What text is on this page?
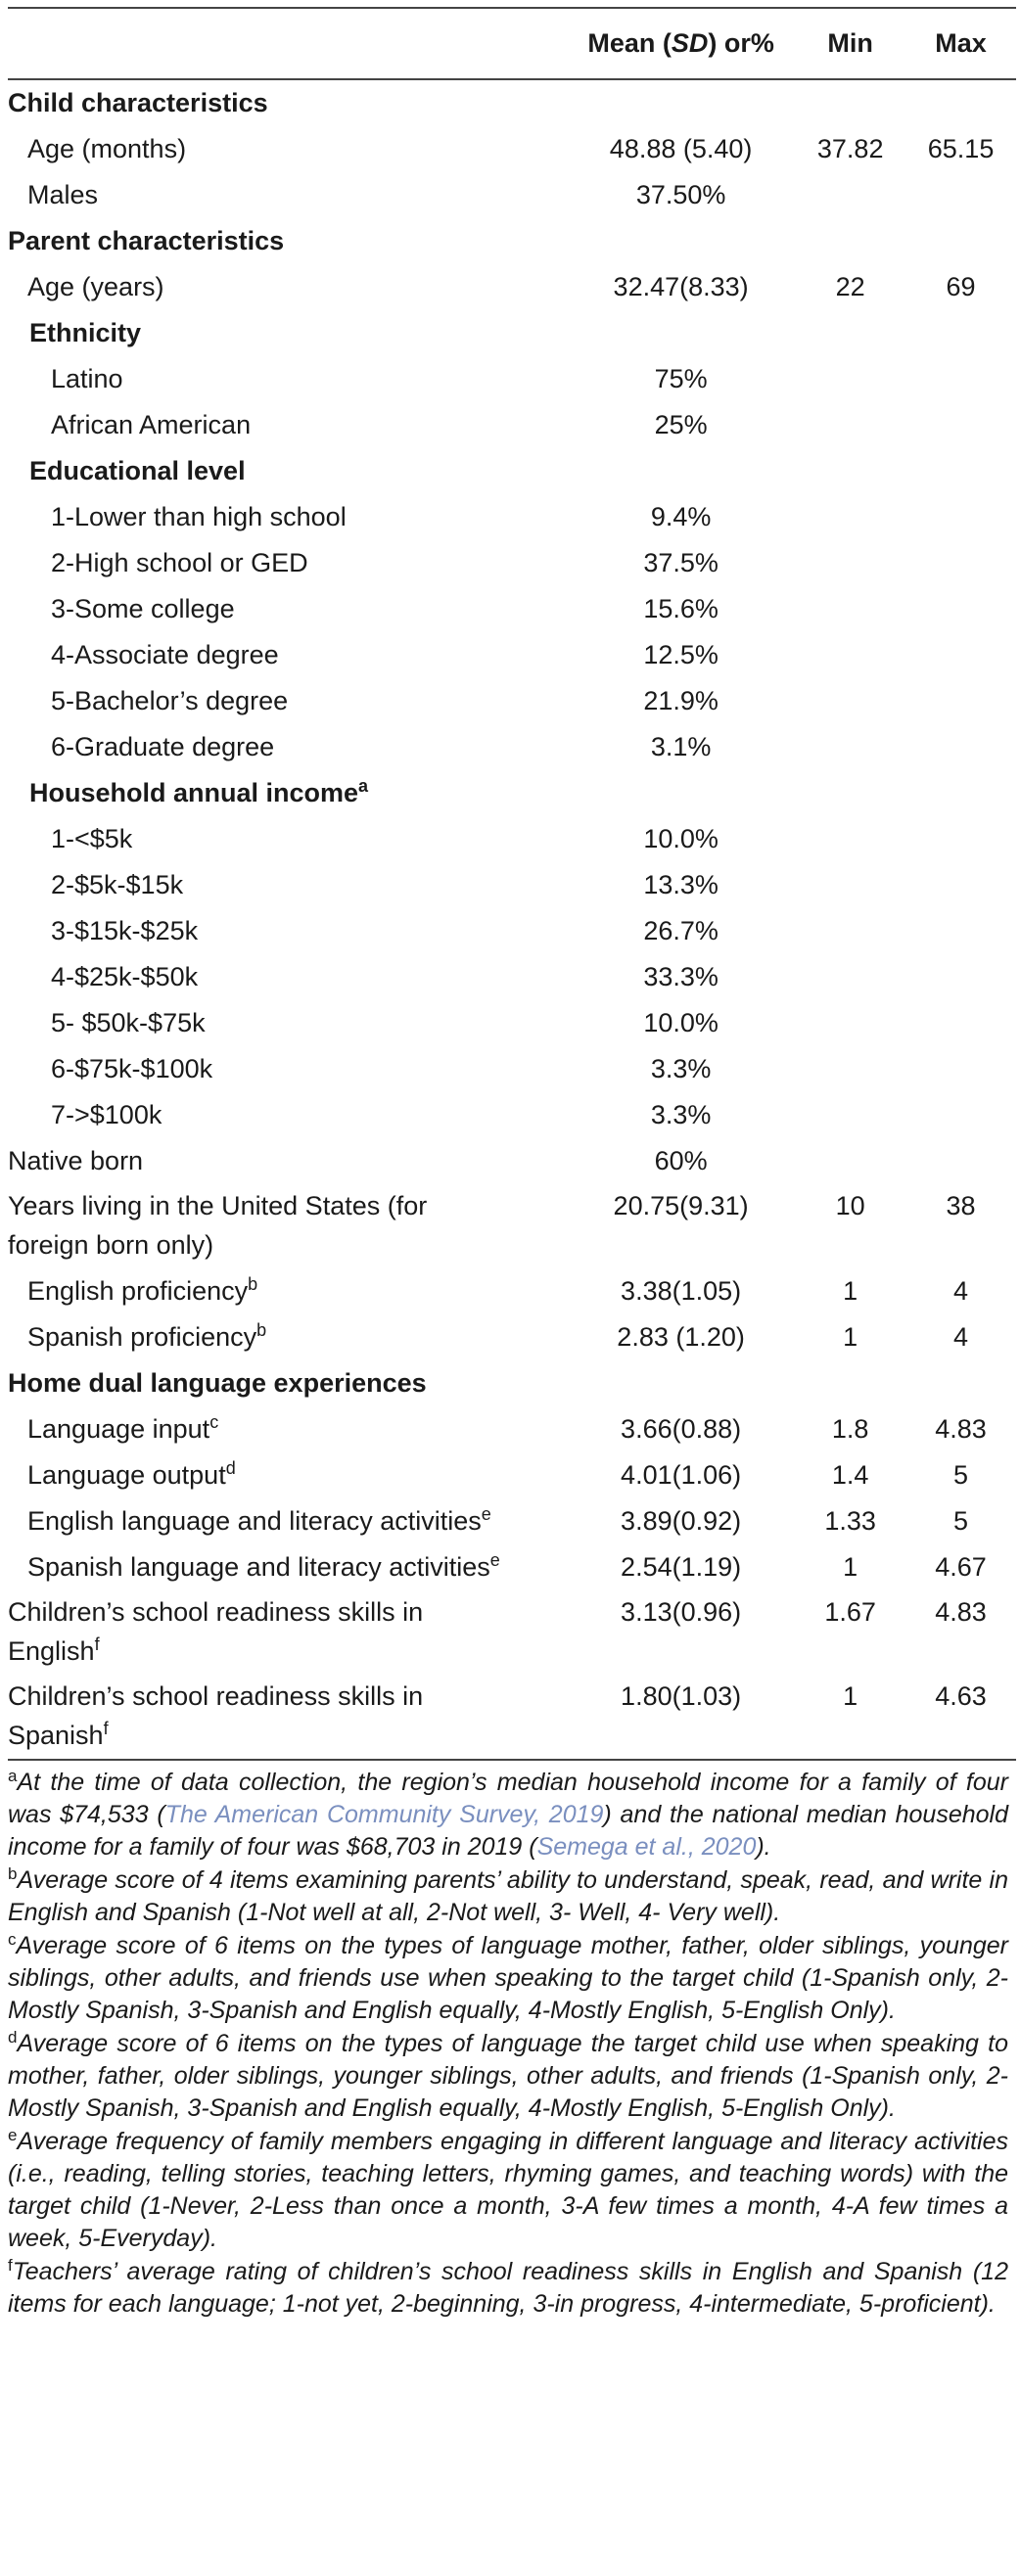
	Mean (SD) or%	Min	Max
Child characteristics			
Age (months)	48.88 (5.40)	37.82	65.15
Males	37.50%		
Parent characteristics			
Age (years)	32.47(8.33)	22	69
Ethnicity			
Latino	75%		
African American	25%		
Educational level			
1-Lower than high school	9.4%		
2-High school or GED	37.5%		
3-Some college	15.6%		
4-Associate degree	12.5%		
5-Bachelor’s degree	21.9%		
6-Graduate degree	3.1%		
Household annual income$^a$			
1-<$5k	10.0%		
2-$5k-$15k	13.3%		
3-$15k-$25k	26.7%		
4-$25k-$50k	33.3%		
5- $50k-$75k	10.0%		
6-$75k-$100k	3.3%		
7->$100k	3.3%		
Native born	60%		
Years living in the United States (for
foreign born only)	20.75(9.31)	10	38
English proficiency$^b$	3.38(1.05)	1	4
Spanish proficiency$^b$	2.83 (1.20)	1	4
Home dual language experiences			
Language input$^c$	3.66(0.88)	1.8	4.83
Language output$^d$	4.01(1.06)	1.4	5
English language and literacy activities$^e$	3.89(0.92)	1.33	5
Spanish language and literacy activities$^e$	2.54(1.19)	1	4.67
Children’s school readiness skills in
English$^f$	3.13(0.96)	1.67	4.83
Children’s school readiness skills in
Spanish$^f$	1.80(1.03)	1	4.63

$^a$At the time of data collection, the region’s median household income for a family of four was $74,533 (The American Community Survey, 2019) and the national median household income for a family of four was $68,703 in 2019 (Semega et al., 2020).

$^b$Average score of 4 items examining parents’ ability to understand, speak, read, and write in English and Spanish (1-Not well at all, 2-Not well, 3- Well, 4- Very well).

$^c$Average score of 6 items on the types of language mother, father, older siblings, younger siblings, other adults, and friends use when speaking to the target child (1-Spanish only, 2-Mostly Spanish, 3-Spanish and English equally, 4-Mostly English, 5-English Only).

$^d$Average score of 6 items on the types of language the target child use when speaking to mother, father, older siblings, younger siblings, other adults, and friends (1-Spanish only, 2-Mostly Spanish, 3-Spanish and English equally, 4-Mostly English, 5-English Only).

$^e$Average frequency of family members engaging in different language and literacy activities (i.e., reading, telling stories, teaching letters, rhyming games, and teaching words) with the target child (1-Never, 2-Less than once a month, 3-A few times a month, 4-A few times a week, 5-Everyday).

$^f$Teachers’ average rating of children’s school readiness skills in English and Spanish (12 items for each language; 1-not yet, 2-beginning, 3-in progress, 4-intermediate, 5-proficient).
